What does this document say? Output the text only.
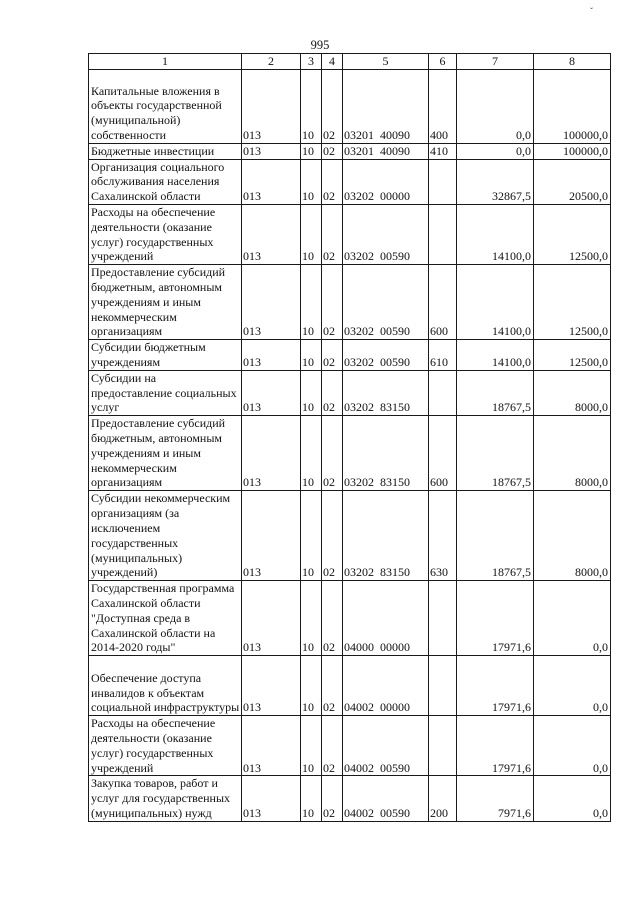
995
ˇ
1	2	3	4	5	6	7	8
Капитальные вложения в объекты государственной (муниципальной) собственности	013	10	02	03201 40090	400	0,0	100000,0
Бюджетные инвестиции	013	10	02	03201 40090	410	0,0	100000,0
Организация социального обслуживания населения Сахалинской области	013	10	02	03202 00000		32867,5	20500,0
Расходы на обеспечение деятельности (оказание услуг) государственных учреждений	013	10	02	03202 00590		14100,0	12500,0
Предоставление субсидий бюджетным, автономным учреждениям и иным некоммерческим организациям	013	10	02	03202 00590	600	14100,0	12500,0
Субсидии бюджетным учреждениям	013	10	02	03202 00590	610	14100,0	12500,0
Субсидии на предоставление социальных услуг	013	10	02	03202 83150		18767,5	8000,0
Предоставление субсидий бюджетным, автономным учреждениям и иным некоммерческим организациям	013	10	02	03202 83150	600	18767,5	8000,0
Субсидии некоммерческим организациям (за исключением государственных (муниципальных) учреждений)	013	10	02	03202 83150	630	18767,5	8000,0
Государственная программа Сахалинской области "Доступная среда в Сахалинской области на 2014-2020 годы"	013	10	02	04000 00000		17971,6	0,0
Обеспечение доступа инвалидов к объектам социальной инфраструктуры	013	10	02	04002 00000		17971,6	0,0
Расходы на обеспечение деятельности (оказание услуг) государственных учреждений	013	10	02	04002 00590		17971,6	0,0
Закупка товаров, работ и услуг для государственных (муниципальных) нужд	013	10	02	04002 00590	200	7971,6	0,0
